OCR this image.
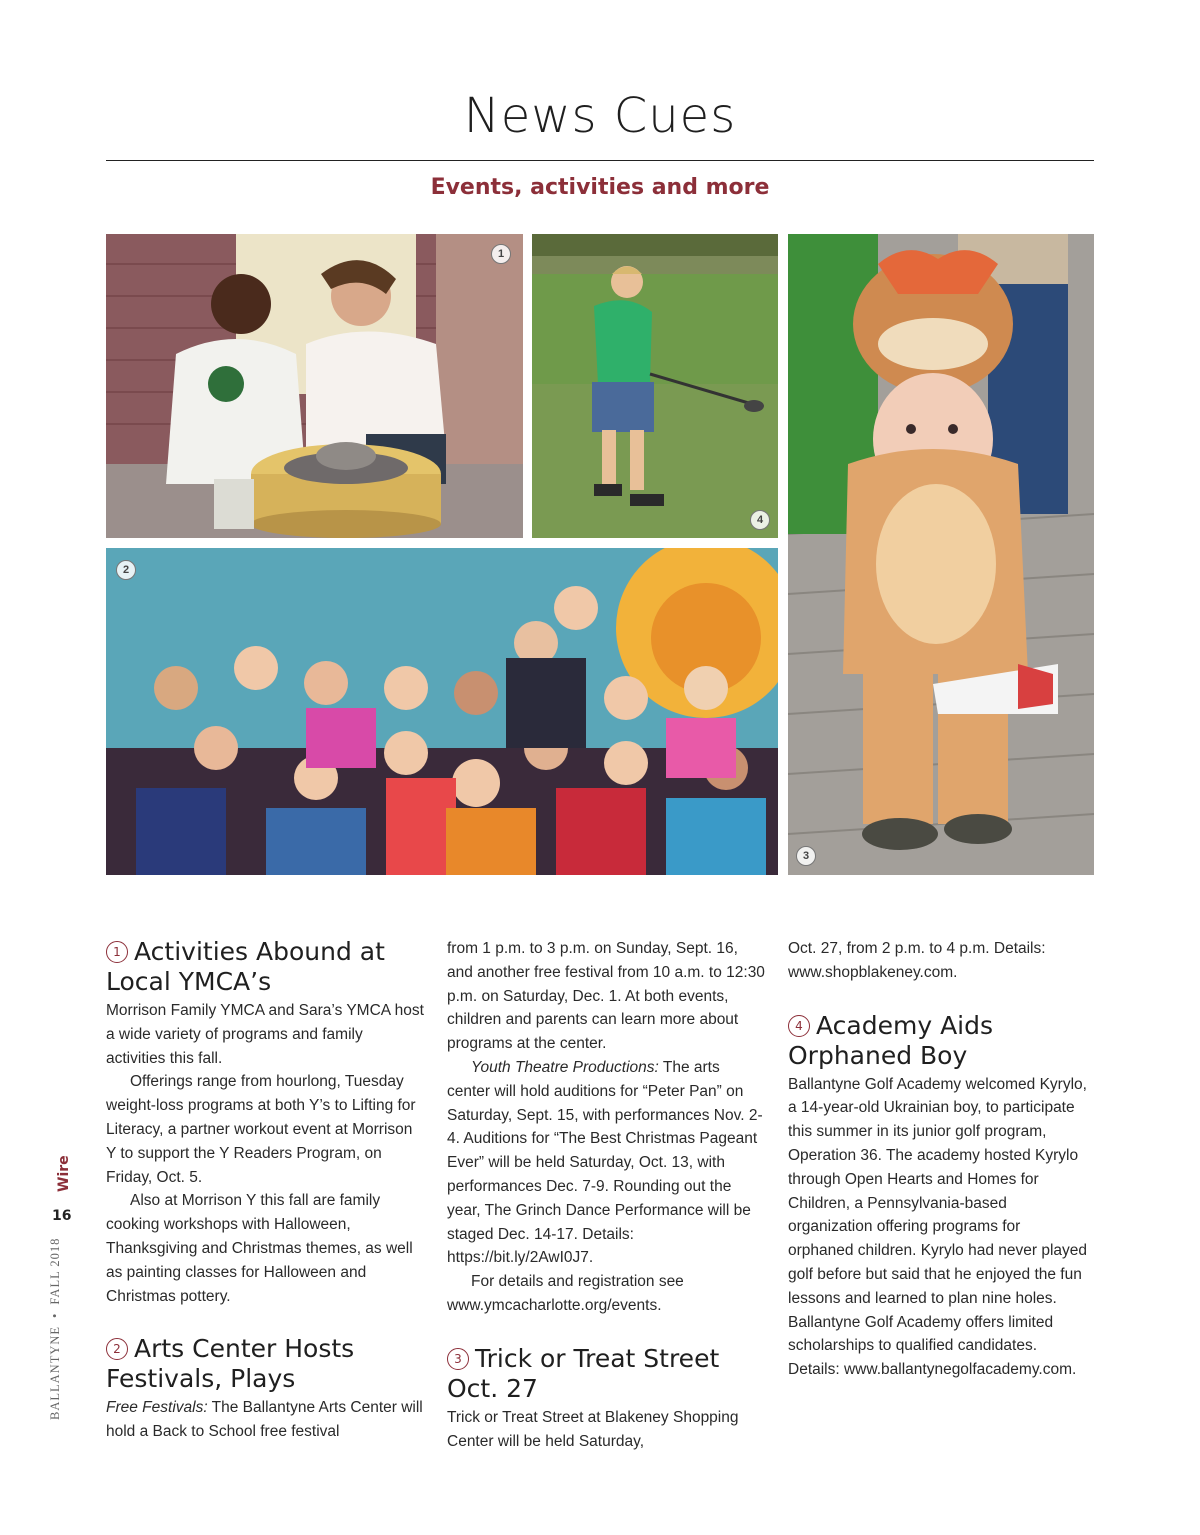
News Cues
Events, activities and more
1
4
3
2
1 Activities Abound at Local YMCA’s

Morrison Family YMCA and Sara’s YMCA host a wide variety of programs and family activities this fall.

Offerings range from hourlong, Tuesday weight-loss programs at both Y’s to Lifting for Literacy, a partner workout event at Morrison Y to support the Y Readers Program, on Friday, Oct. 5.

Also at Morrison Y this fall are family cooking workshops with Halloween, Thanksgiving and Christmas themes, as well as painting classes for Halloween and Christmas pottery.

2 Arts Center Hosts Festivals, Plays

Free Festivals: The Ballantyne Arts Center will hold a Back to School free festival

from 1 p.m. to 3 p.m. on Sunday, Sept. 16, and another free festival from 10 a.m. to 12:30 p.m. on Saturday, Dec. 1. At both events, children and parents can learn more about programs at the center.

Youth Theatre Productions: The arts center will hold auditions for “Peter Pan” on Saturday, Sept. 15, with performances Nov. 2-4. Auditions for “The Best Christmas Pageant Ever” will be held Saturday, Oct. 13, with performances Dec. 7-9. Rounding out the year, The Grinch Dance Performance will be staged Dec. 14-17. Details: https://bit.ly/2AwI0J7.

For details and registration see www.ymcacharlotte.org/events.

3 Trick or Treat Street Oct. 27

Trick or Treat Street at Blakeney Shopping Center will be held Saturday,

Oct. 27, from 2 p.m. to 4 p.m. Details: www.shopblakeney.com.

4 Academy Aids Orphaned Boy

Ballantyne Golf Academy welcomed Kyrylo, a 14-year-old Ukrainian boy, to participate this summer in its junior golf program, Operation 36. The academy hosted Kyrylo through Open Hearts and Homes for Children, a Pennsylvania-based organization offering programs for orphaned children. Kyrylo had never played golf before but said that he enjoyed the fun lessons and learned to plan nine holes. Ballantyne Golf Academy offers limited scholarships to qualified candidates. Details: www.ballantynegolfacademy.com.

BALLANTYNE•FALL 2018
Wire
16
